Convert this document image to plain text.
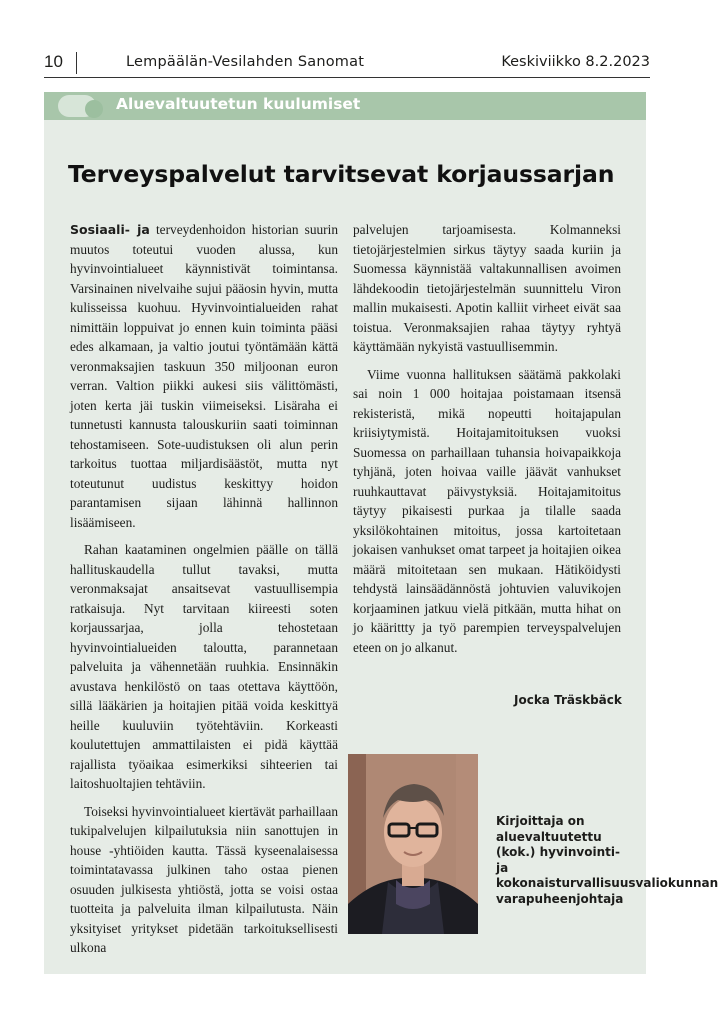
10	Lempäälän-Vesilahden Sanomat	Keskiviikko 8.2.2023
Aluevaltuutetun kuulumiset
Terveyspalvelut tarvitsevat korjaussarjan

Sosiaali- ja terveydenhoidon historian suurin muutos toteutui vuoden alussa, kun hyvinvointialueet käynnistivät toimintansa. Varsinainen nivelvaihe sujui pääosin hyvin, mutta kulisseissa kuohuu. Hyvinvointialueiden rahat nimittäin loppuivat jo ennen kuin toiminta pääsi edes alkamaan, ja valtio joutui työntämään kättä veronmaksajien taskuun 350 miljoonan euron verran. Valtion piikki aukesi siis välittömästi, joten kerta jäi tuskin viimeiseksi. Lisäraha ei tunnetusti kannusta talouskuriin saati toiminnan tehostamiseen. Sote-uudistuksen oli alun perin tarkoitus tuottaa miljardisäästöt, mutta nyt toteutunut uudistus keskittyy hoidon parantamisen sijaan lähinnä hallinnon lisäämiseen.

Rahan kaataminen ongelmien päälle on tällä hallituskaudella tullut tavaksi, mutta veronmaksajat ansaitsevat vastuullisempia ratkaisuja. Nyt tarvitaan kiireesti soten korjaussarjaa, jolla tehostetaan hyvinvointialueiden taloutta, parannetaan palveluita ja vähennetään ruuhkia. Ensinnäkin avustava henkilöstö on taas otettava käyttöön, sillä lääkärien ja hoitajien pitää voida keskittyä heille kuuluviin työtehtäviin. Korkeasti koulutettujen ammattilaisten ei pidä käyttää rajallista työaikaa esimerkiksi sihteerien tai laitoshuoltajien tehtäviin.

Toiseksi hyvinvointialueet kiertävät parhaillaan tukipalvelujen kilpailutuksia niin sanottujen in house -yhtiöiden kautta. Tässä kyseenalaisessa toimintatavassa julkinen taho ostaa pienen osuuden julkisesta yhtiöstä, jotta se voisi ostaa tuotteita ja palveluita ilman kilpailutusta. Näin yksityiset yritykset pidetään tarkoituksellisesti ulkona

palvelujen tarjoamisesta. Kolmanneksi tietojärjestelmien sirkus täytyy saada kuriin ja Suomessa käynnistää valtakunnallisen avoimen lähdekoodin tietojärjestelmän suunnittelu Viron mallin mukaisesti. Apotin kalliit virheet eivät saa toistua. Veronmaksajien rahaa täytyy ryhtyä käyttämään nykyistä vastuullisemmin.

Viime vuonna hallituksen säätämä pakkolaki sai noin 1 000 hoitajaa poistamaan itsensä rekisteristä, mikä nopeutti hoitajapulan kriisiytymistä. Hoitajamitoituksen vuoksi Suomessa on parhaillaan tuhansia hoivapaikkoja tyhjänä, joten hoivaa vaille jäävät vanhukset ruuhkauttavat päivystyksiä. Hoitajamitoitus täytyy pikaisesti purkaa ja tilalle saada yksilökohtainen mitoitus, jossa kartoitetaan jokaisen vanhukset omat tarpeet ja hoitajien oikea määrä mitoitetaan sen mukaan. Hätiköidysti tehdystä lainsäädännöstä johtuvien valuvikojen korjaaminen jatkuu vielä pitkään, mutta hihat on jo käärittty ja työ parempien terveyspalvelujen eteen on jo alkanut.

Jocka Träskbäck
Kirjoittaja on aluevaltuutettu (kok.) hyvinvointi- ja kokonaisturvallisuusvaliokunnan varapuheenjohtaja
